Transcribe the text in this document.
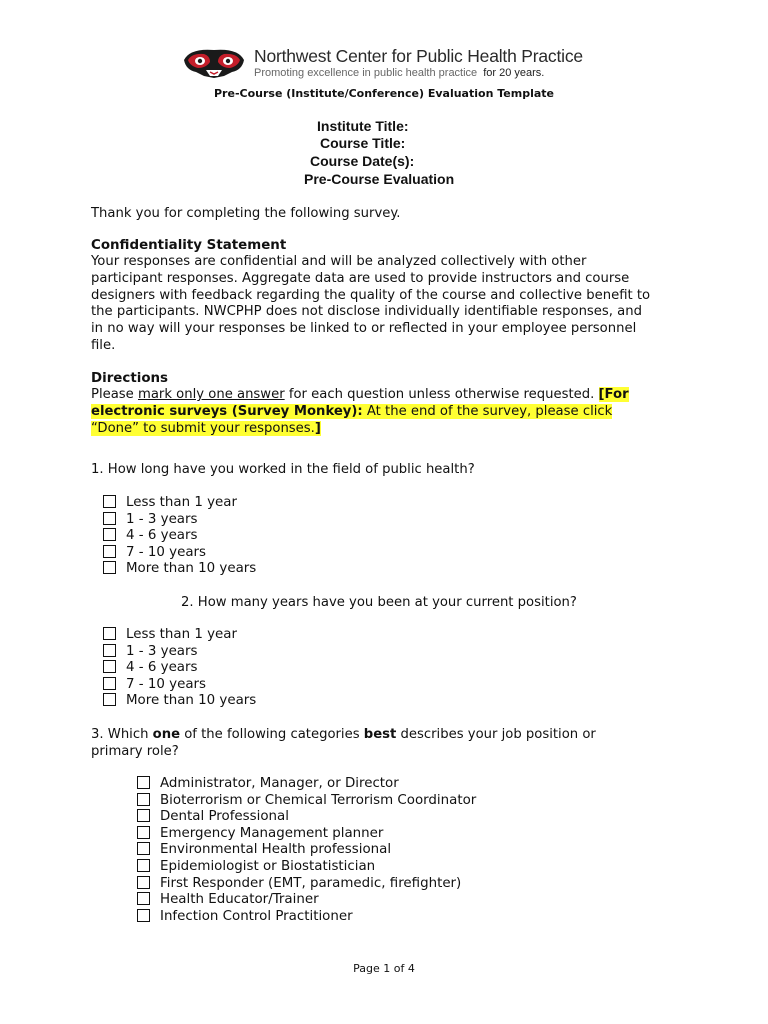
Northwest Center for Public Health Practice
Promoting excellence in public health practice for 20 years.
Pre-Course (Institute/Conference) Evaluation Template
Institute Title:
Course Title:
Course Date(s):
Pre-Course Evaluation
Thank you for completing the following survey.
Confidentiality Statement
Your responses are confidential and will be analyzed collectively with other
participant responses. Aggregate data are used to provide instructors and course
designers with feedback regarding the quality of the course and collective benefit to
the participants. NWCPHP does not disclose individually identifiable responses, and
in no way will your responses be linked to or reflected in your employee personnel
file.
Directions
Please mark only one answer for each question unless otherwise requested. [For
electronic surveys (Survey Monkey): At the end of the survey, please click
“Done” to submit your responses.]
1. How long have you worked in the field of public health?
Less than 1 year
1 - 3 years
4 - 6 years
7 - 10 years
More than 10 years
2. How many years have you been at your current position?
Less than 1 year
1 - 3 years
4 - 6 years
7 - 10 years
More than 10 years
3. Which one of the following categories best describes your job position or
primary role?
Administrator, Manager, or Director
Bioterrorism or Chemical Terrorism Coordinator
Dental Professional
Emergency Management planner
Environmental Health professional
Epidemiologist or Biostatistician
First Responder (EMT, paramedic, firefighter)
Health Educator/Trainer
Infection Control Practitioner
Page 1 of 4
